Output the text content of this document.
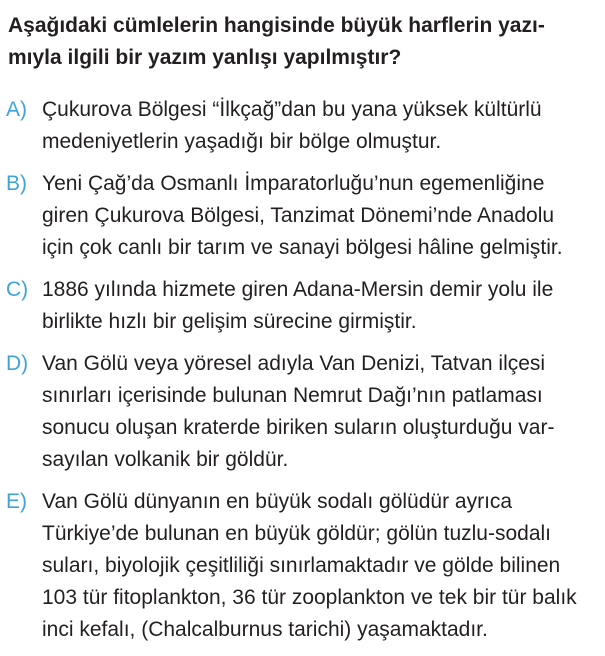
Aşağıdaki cümlelerin hangisinde büyük harflerin yazı-
mıyla ilgili bir yazım yanlışı yapılmıştır?
A) Çukurova Bölgesi “İlkçağ”dan bu yana yüksek kültürlü
medeniyetlerin yaşadığı bir bölge olmuştur.
B) Yeni Çağ’da Osmanlı İmparatorluğu’nun egemenliğine
giren Çukurova Bölgesi, Tanzimat Dönemi’nde Anadolu
için çok canlı bir tarım ve sanayi bölgesi hâline gelmiştir.
C) 1886 yılında hizmete giren Adana-Mersin demir yolu ile
birlikte hızlı bir gelişim sürecine girmiştir.
D) Van Gölü veya yöresel adıyla Van Denizi, Tatvan ilçesi
sınırları içerisinde bulunan Nemrut Dağı’nın patlaması
sonucu oluşan kraterde biriken suların oluşturduğu var-
sayılan volkanik bir göldür.
E) Van Gölü dünyanın en büyük sodalı gölüdür ayrıca
Türkiye’de bulunan en büyük göldür; gölün tuzlu-sodalı
suları, biyolojik çeşitliliği sınırlamaktadır ve gölde bilinen
103 tür fitoplankton, 36 tür zooplankton ve tek bir tür balık
inci kefalı, (Chalcalburnus tarichi) yaşamaktadır.
